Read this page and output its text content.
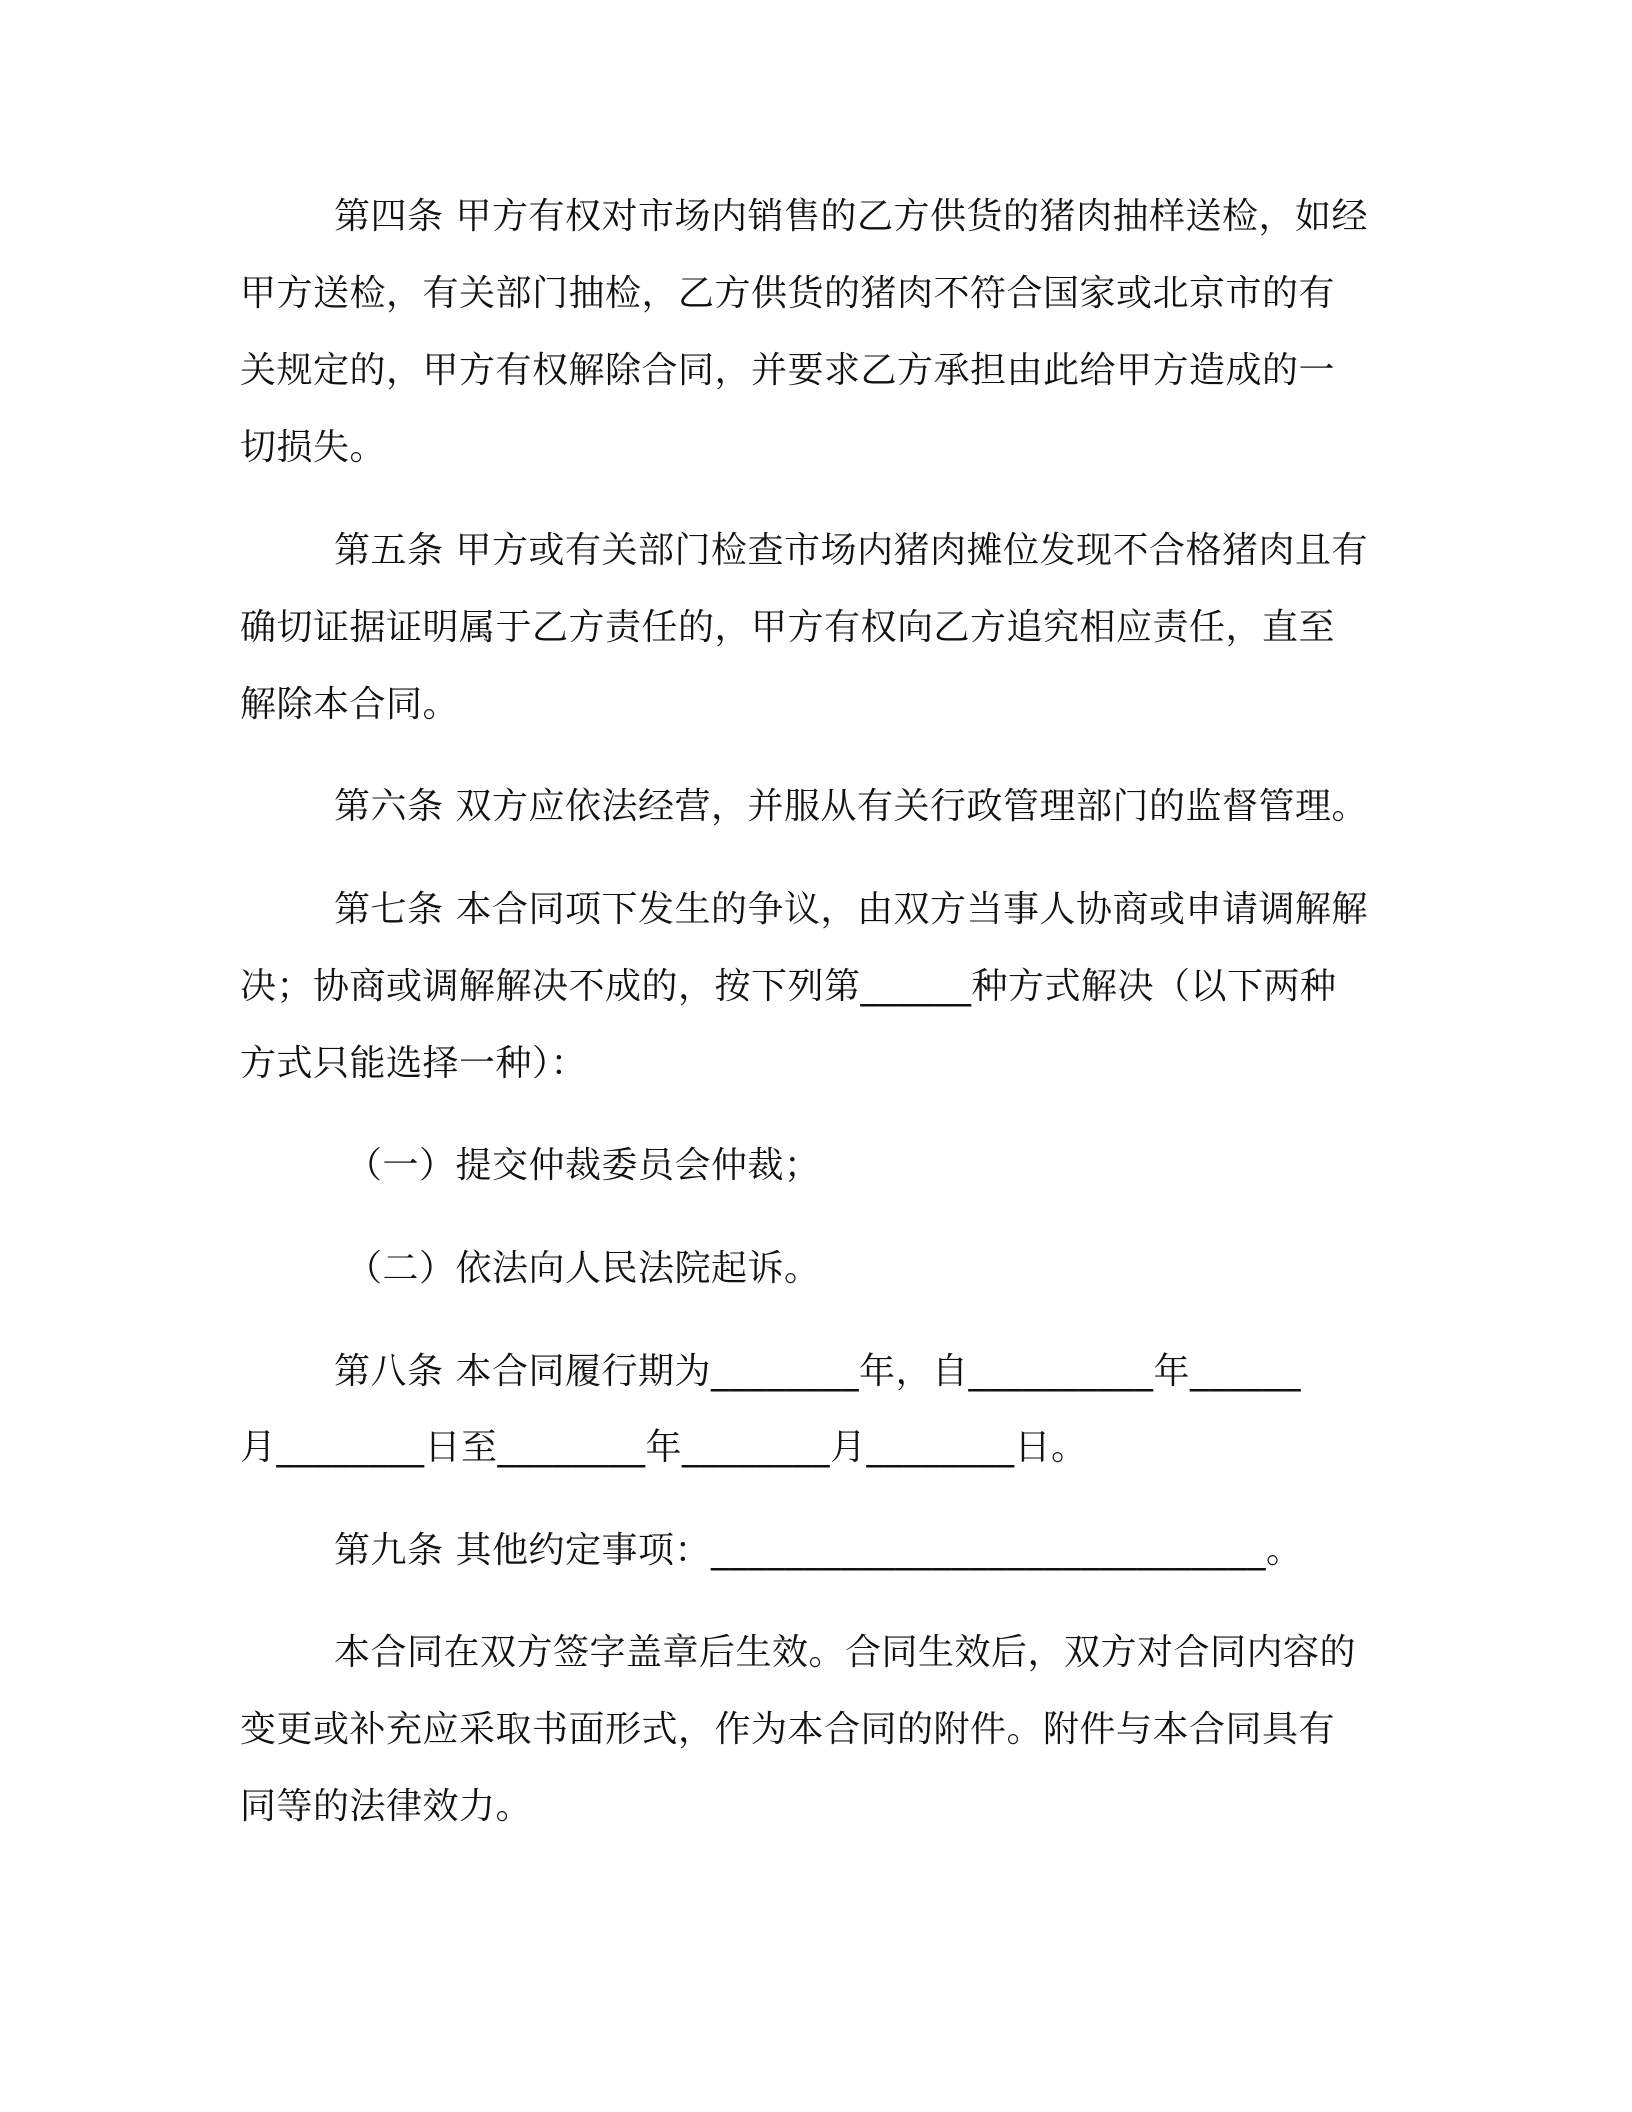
第四条 甲方有权对市场内销售的乙方供货的猪肉抽样送检，如经
甲方送检，有关部门抽检，乙方供货的猪肉不符合国家或北京市的有
关规定的，甲方有权解除合同，并要求乙方承担由此给甲方造成的一
切损失。
第五条 甲方或有关部门检查市场内猪肉摊位发现不合格猪肉且有
确切证据证明属于乙方责任的，甲方有权向乙方追究相应责任，直至
解除本合同。
第六条 双方应依法经营，并服从有关行政管理部门的监督管理。
第七条 本合同项下发生的争议，由双方当事人协商或申请调解解
决；协商或调解解决不成的，按下列第______种方式解决（以下两种
方式只能选择一种）：
（一）提交仲裁委员会仲裁；
（二）依法向人民法院起诉。
第八条 本合同履行期为________年，自__________年______
月________日至________年________月________日。
第九条 其他约定事项：______________________________。
本合同在双方签字盖章后生效。合同生效后，双方对合同内容的
变更或补充应采取书面形式，作为本合同的附件。附件与本合同具有
同等的法律效力。
